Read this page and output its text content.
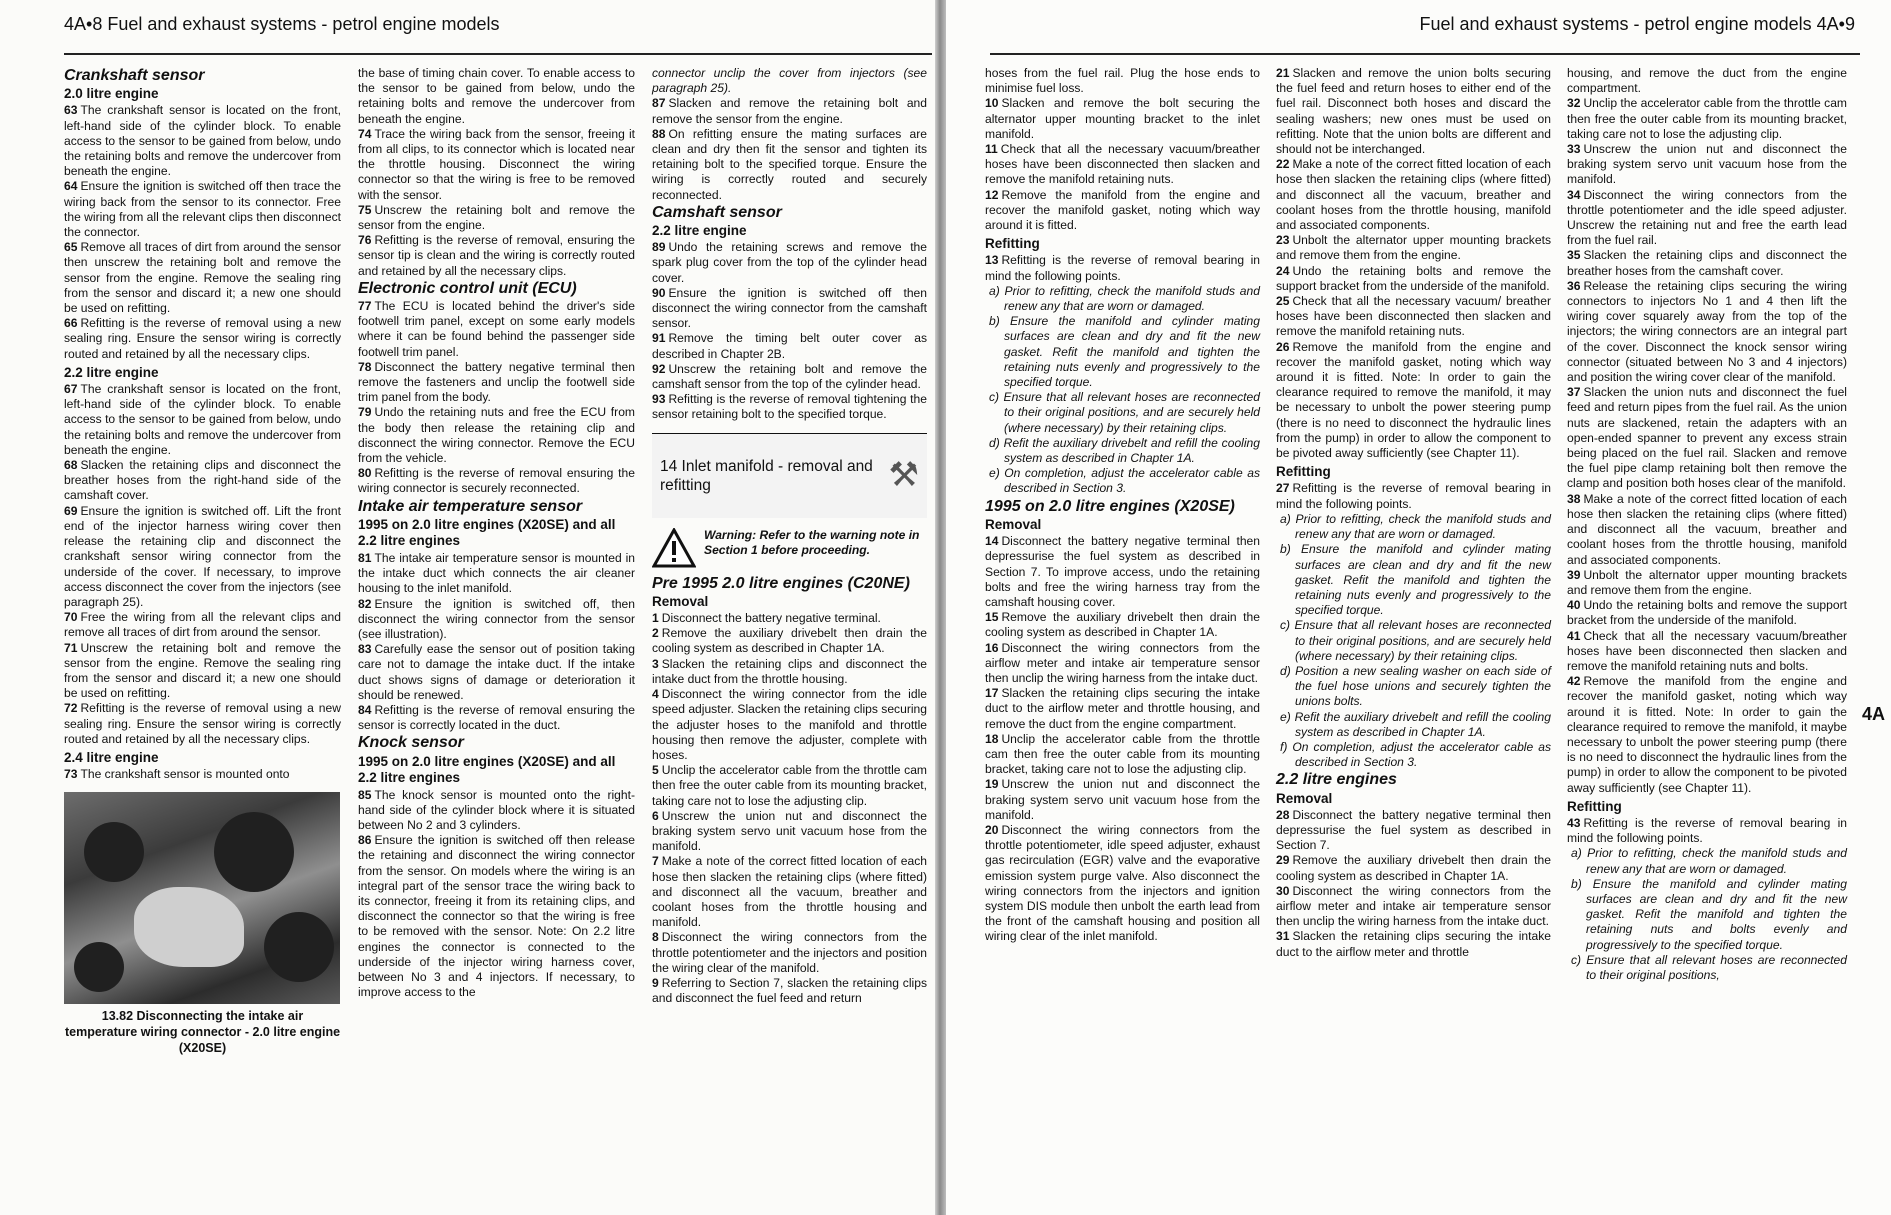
4A•8 Fuel and exhaust systems - petrol engine models	Fuel and exhaust systems - petrol engine models 4A•9
Crankshaft sensor
2.0 litre engine

63 The crankshaft sensor is located on the front, left-hand side of the cylinder block. To enable access to the sensor to be gained from below, undo the retaining bolts and remove the undercover from beneath the engine.

64 Ensure the ignition is switched off then trace the wiring back from the sensor to its connector. Free the wiring from all the relevant clips then disconnect the connector.

65 Remove all traces of dirt from around the sensor then unscrew the retaining bolt and remove the sensor from the engine. Remove the sealing ring from the sensor and discard it; a new one should be used on refitting.

66 Refitting is the reverse of removal using a new sealing ring. Ensure the sensor wiring is correctly routed and retained by all the necessary clips.

2.2 litre engine

67 The crankshaft sensor is located on the front, left-hand side of the cylinder block. To enable access to the sensor to be gained from below, undo the retaining bolts and remove the undercover from beneath the engine.

68 Slacken the retaining clips and disconnect the breather hoses from the right-hand side of the camshaft cover.

69 Ensure the ignition is switched off. Lift the front end of the injector harness wiring cover then release the retaining clip and disconnect the crankshaft sensor wiring connector from the underside of the cover. If necessary, to improve access disconnect the cover from the injectors (see paragraph 25).

70 Free the wiring from all the relevant clips and remove all traces of dirt from around the sensor.

71 Unscrew the retaining bolt and remove the sensor from the engine. Remove the sealing ring from the sensor and discard it; a new one should be used on refitting.

72 Refitting is the reverse of removal using a new sealing ring. Ensure the sensor wiring is correctly routed and retained by all the necessary clips.

2.4 litre engine

73 The crankshaft sensor is mounted onto

13.82 Disconnecting the intake air temperature wiring connector - 2.0 litre engine (X20SE)

the base of timing chain cover. To enable access to the sensor to be gained from below, undo the retaining bolts and remove the undercover from beneath the engine.

74 Trace the wiring back from the sensor, freeing it from all clips, to its connector which is located near the throttle housing. Disconnect the wiring connector so that the wiring is free to be removed with the sensor.

75 Unscrew the retaining bolt and remove the sensor from the engine.

76 Refitting is the reverse of removal, ensuring the sensor tip is clean and the wiring is correctly routed and retained by all the necessary clips.

Electronic control unit (ECU)

77 The ECU is located behind the driver's side footwell trim panel, except on some early models where it can be found behind the passenger side footwell trim panel.

78 Disconnect the battery negative terminal then remove the fasteners and unclip the footwell side trim panel from the body.

79 Undo the retaining nuts and free the ECU from the body then release the retaining clip and disconnect the wiring connector. Remove the ECU from the vehicle.

80 Refitting is the reverse of removal ensuring the wiring connector is securely reconnected.

Intake air temperature sensor
1995 on 2.0 litre engines (X20SE) and all 2.2 litre engines

81 The intake air temperature sensor is mounted in the intake duct which connects the air cleaner housing to the inlet manifold.

82 Ensure the ignition is switched off, then disconnect the wiring connector from the sensor (see illustration).

83 Carefully ease the sensor out of position taking care not to damage the intake duct. If the intake duct shows signs of damage or deterioration it should be renewed.

84 Refitting is the reverse of removal ensuring the sensor is correctly located in the duct.

Knock sensor
1995 on 2.0 litre engines (X20SE) and all 2.2 litre engines

85 The knock sensor is mounted onto the right-hand side of the cylinder block where it is situated between No 2 and 3 cylinders.

86 Ensure the ignition is switched off then release the retaining and disconnect the wiring connector from the sensor. On models where the wiring is an integral part of the sensor trace the wiring back to its connector, freeing it from its retaining clips, and disconnect the connector so that the wiring is free to be removed with the sensor. Note: On 2.2 litre engines the connector is connected to the underside of the injector wiring harness cover, between No 3 and 4 injectors. If necessary, to improve access to the

connector unclip the cover from injectors (see paragraph 25).

87 Slacken and remove the retaining bolt and remove the sensor from the engine.

88 On refitting ensure the mating surfaces are clean and dry then fit the sensor and tighten its retaining bolt to the specified torque. Ensure the wiring is correctly routed and securely reconnected.

Camshaft sensor
2.2 litre engine

89 Undo the retaining screws and remove the spark plug cover from the top of the cylinder head cover.

90 Ensure the ignition is switched off then disconnect the wiring connector from the camshaft sensor.

91 Remove the timing belt outer cover as described in Chapter 2B.

92 Unscrew the retaining bolt and remove the camshaft sensor from the top of the cylinder head.

93 Refitting is the reverse of removal tightening the sensor retaining bolt to the specified torque.

14 Inlet manifold - removal and refitting	⚒
Warning: Refer to the warning note in Section 1 before proceeding.
Pre 1995 2.0 litre engines (C20NE)
Removal

1 Disconnect the battery negative terminal.

2 Remove the auxiliary drivebelt then drain the cooling system as described in Chapter 1A.

3 Slacken the retaining clips and disconnect the intake duct from the throttle housing.

4 Disconnect the wiring connector from the idle speed adjuster. Slacken the retaining clips securing the adjuster hoses to the manifold and throttle housing then remove the adjuster, complete with hoses.

5 Unclip the accelerator cable from the throttle cam then free the outer cable from its mounting bracket, taking care not to lose the adjusting clip.

6 Unscrew the union nut and disconnect the braking system servo unit vacuum hose from the manifold.

7 Make a note of the correct fitted location of each hose then slacken the retaining clips (where fitted) and disconnect all the vacuum, breather and coolant hoses from the throttle housing and manifold.

8 Disconnect the wiring connectors from the throttle potentiometer and the injectors and position the wiring clear of the manifold.

9 Referring to Section 7, slacken the retaining clips and disconnect the fuel feed and return

hoses from the fuel rail. Plug the hose ends to minimise fuel loss.

10 Slacken and remove the bolt securing the alternator upper mounting bracket to the inlet manifold.

11 Check that all the necessary vacuum/breather hoses have been disconnected then slacken and remove the manifold retaining nuts.

12 Remove the manifold from the engine and recover the manifold gasket, noting which way around it is fitted.

Refitting

13 Refitting is the reverse of removal bearing in mind the following points.

a) Prior to refitting, check the manifold studs and renew any that are worn or damaged.

b) Ensure the manifold and cylinder mating surfaces are clean and dry and fit the new gasket. Refit the manifold and tighten the retaining nuts evenly and progressively to the specified torque.

c) Ensure that all relevant hoses are reconnected to their original positions, and are securely held (where necessary) by their retaining clips.

d) Refit the auxiliary drivebelt and refill the cooling system as described in Chapter 1A.

e) On completion, adjust the accelerator cable as described in Section 3.

1995 on 2.0 litre engines (X20SE)
Removal

14 Disconnect the battery negative terminal then depressurise the fuel system as described in Section 7. To improve access, undo the retaining bolts and free the wiring harness tray from the camshaft housing cover.

15 Remove the auxiliary drivebelt then drain the cooling system as described in Chapter 1A.

16 Disconnect the wiring connectors from the airflow meter and intake air temperature sensor then unclip the wiring harness from the intake duct.

17 Slacken the retaining clips securing the intake duct to the airflow meter and throttle housing, and remove the duct from the engine compartment.

18 Unclip the accelerator cable from the throttle cam then free the outer cable from its mounting bracket, taking care not to lose the adjusting clip.

19 Unscrew the union nut and disconnect the braking system servo unit vacuum hose from the manifold.

20 Disconnect the wiring connectors from the throttle potentiometer, idle speed adjuster, exhaust gas recirculation (EGR) valve and the evaporative emission system purge valve. Also disconnect the wiring connectors from the injectors and ignition system DIS module then unbolt the earth lead from the front of the camshaft housing and position all wiring clear of the inlet manifold.

21 Slacken and remove the union bolts securing the fuel feed and return hoses to either end of the fuel rail. Disconnect both hoses and discard the sealing washers; new ones must be used on refitting. Note that the union bolts are different and should not be interchanged.

22 Make a note of the correct fitted location of each hose then slacken the retaining clips (where fitted) and disconnect all the vacuum, breather and coolant hoses from the throttle housing, manifold and associated components.

23 Unbolt the alternator upper mounting brackets and remove them from the engine.

24 Undo the retaining bolts and remove the support bracket from the underside of the manifold.

25 Check that all the necessary vacuum/ breather hoses have been disconnected then slacken and remove the manifold retaining nuts.

26 Remove the manifold from the engine and recover the manifold gasket, noting which way around it is fitted. Note: In order to gain the clearance required to remove the manifold, it may be necessary to unbolt the power steering pump (there is no need to disconnect the hydraulic lines from the pump) in order to allow the component to be pivoted away sufficiently (see Chapter 11).

Refitting

27 Refitting is the reverse of removal bearing in mind the following points.

a) Prior to refitting, check the manifold studs and renew any that are worn or damaged.

b) Ensure the manifold and cylinder mating surfaces are clean and dry and fit the new gasket. Refit the manifold and tighten the retaining nuts evenly and progressively to the specified torque.

c) Ensure that all relevant hoses are reconnected to their original positions, and are securely held (where necessary) by their retaining clips.

d) Position a new sealing washer on each side of the fuel hose unions and securely tighten the unions bolts.

e) Refit the auxiliary drivebelt and refill the cooling system as described in Chapter 1A.

f) On completion, adjust the accelerator cable as described in Section 3.

2.2 litre engines
Removal

28 Disconnect the battery negative terminal then depressurise the fuel system as described in Section 7.

29 Remove the auxiliary drivebelt then drain the cooling system as described in Chapter 1A.

30 Disconnect the wiring connectors from the airflow meter and intake air temperature sensor then unclip the wiring harness from the intake duct.

31 Slacken the retaining clips securing the intake duct to the airflow meter and throttle

housing, and remove the duct from the engine compartment.

32 Unclip the accelerator cable from the throttle cam then free the outer cable from its mounting bracket, taking care not to lose the adjusting clip.

33 Unscrew the union nut and disconnect the braking system servo unit vacuum hose from the manifold.

34 Disconnect the wiring connectors from the throttle potentiometer and the idle speed adjuster. Unscrew the retaining nut and free the earth lead from the fuel rail.

35 Slacken the retaining clips and disconnect the breather hoses from the camshaft cover.

36 Release the retaining clips securing the wiring connectors to injectors No 1 and 4 then lift the wiring cover squarely away from the top of the injectors; the wiring connectors are an integral part of the cover. Disconnect the knock sensor wiring connector (situated between No 3 and 4 injectors) and position the wiring cover clear of the manifold.

37 Slacken the union nuts and disconnect the fuel feed and return pipes from the fuel rail. As the union nuts are slackened, retain the adapters with an open-ended spanner to prevent any excess strain being placed on the fuel rail. Slacken and remove the fuel pipe clamp retaining bolt then remove the clamp and position both hoses clear of the manifold.

38 Make a note of the correct fitted location of each hose then slacken the retaining clips (where fitted) and disconnect all the vacuum, breather and coolant hoses from the throttle housing, manifold and associated components.

39 Unbolt the alternator upper mounting brackets and remove them from the engine.

40 Undo the retaining bolts and remove the support bracket from the underside of the manifold.

41 Check that all the necessary vacuum/breather hoses have been disconnected then slacken and remove the manifold retaining nuts and bolts.

42 Remove the manifold from the engine and recover the manifold gasket, noting which way around it is fitted. Note: In order to gain the clearance required to remove the manifold, it maybe necessary to unbolt the power steering pump (there is no need to disconnect the hydraulic lines from the pump) in order to allow the component to be pivoted away sufficiently (see Chapter 11).

Refitting

43 Refitting is the reverse of removal bearing in mind the following points.

a) Prior to refitting, check the manifold studs and renew any that are worn or damaged.

b) Ensure the manifold and cylinder mating surfaces are clean and dry and fit the new gasket. Refit the manifold and tighten the retaining nuts and bolts evenly and progressively to the specified torque.

c) Ensure that all relevant hoses are reconnected to their original positions,

4A
